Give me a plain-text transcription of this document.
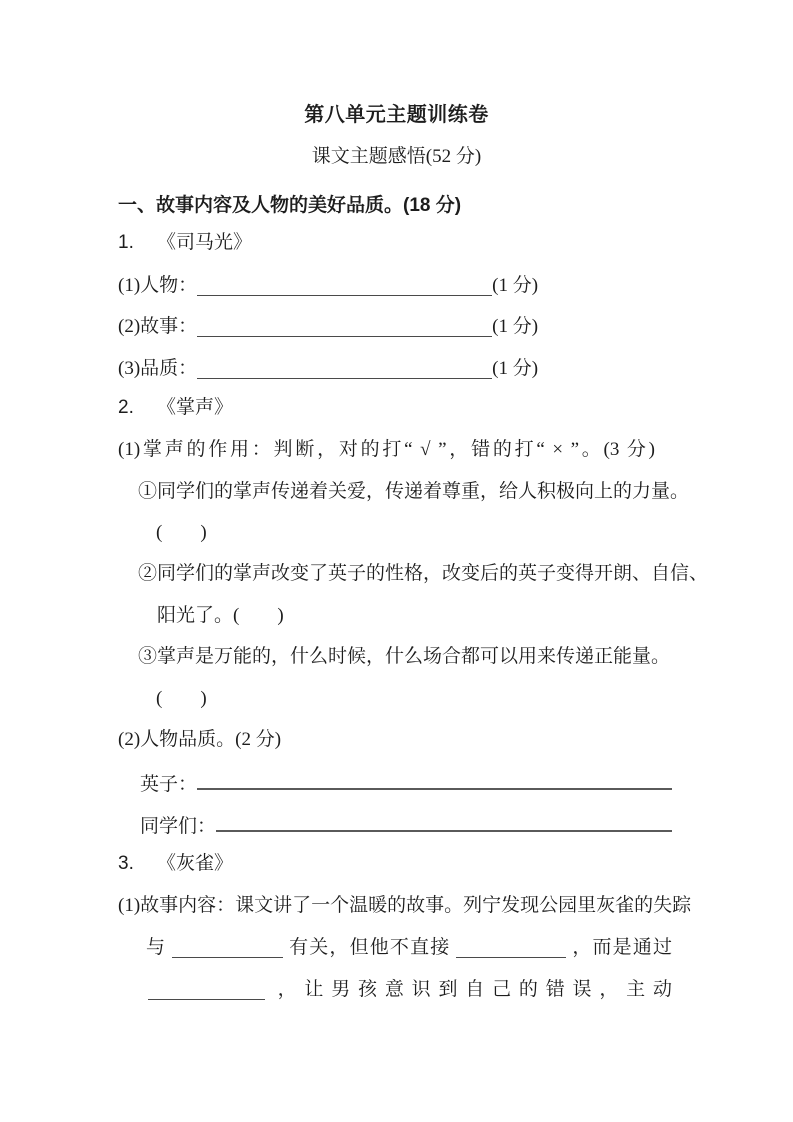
第八单元主题训练卷
课文主题感悟(52 分)
一、故事内容及人物的美好品质。(18 分)
1. 《司马光》
(1)人物：	(1 分)
(2)故事：	(1 分)
(3)品质：	(1 分)
2. 《掌声》
(1)掌声的作用：判断，对的打“ √ ”，错的打“ × ”。(3 分)
①同学们的掌声传递着关爱，传递着尊重，给人积极向上的力量。
(　　)
②同学们的掌声改变了英子的性格，改变后的英子变得开朗、自信、
阳光了。(　　)
③掌声是万能的，什么时候，什么场合都可以用来传递正能量。
(　　)
(2)人物品质。(2 分)
英子：
同学们：
3. 《灰雀》
(1)故事内容：课文讲了一个温暖的故事。列宁发现公园里灰雀的失踪
与	有关，但他不直接	，而是通过
，让男孩意识到自己的错误，主动
